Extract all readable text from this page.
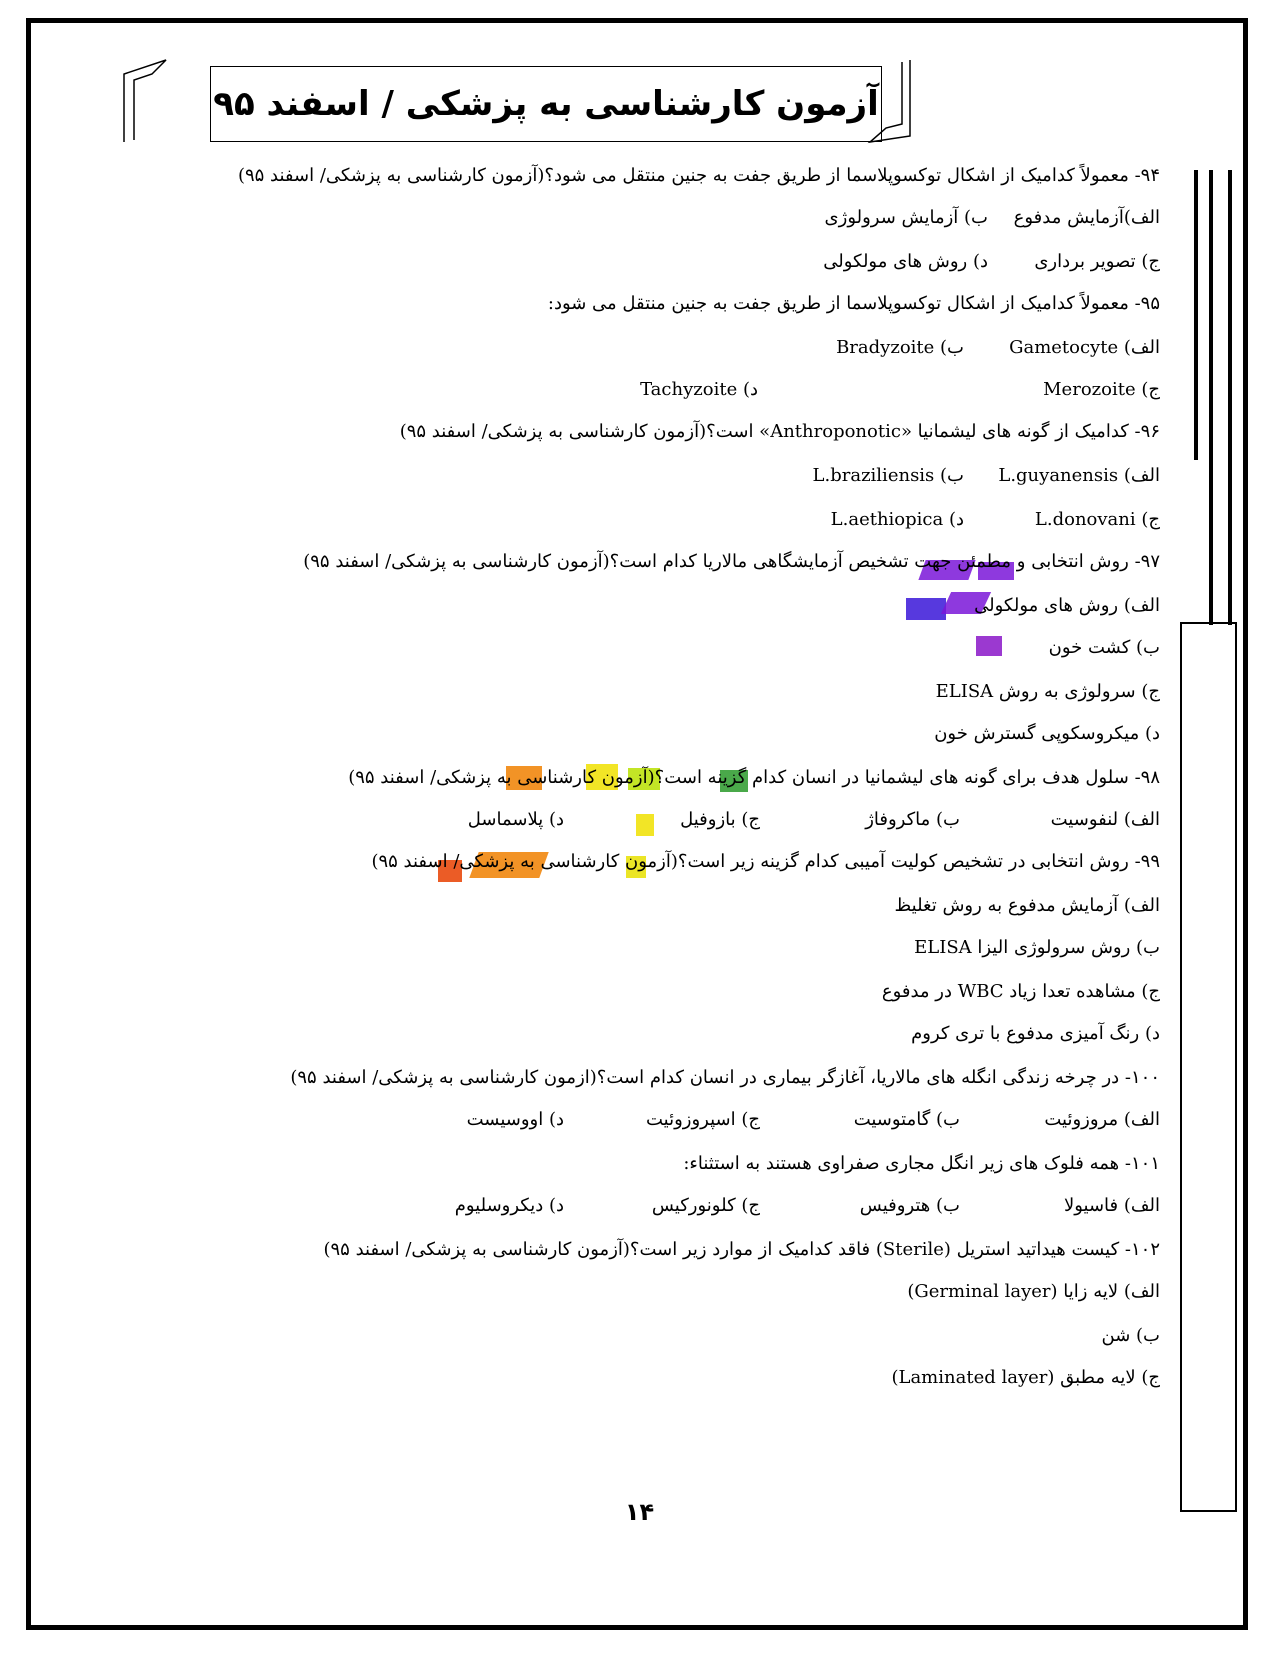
آزمون کارشناسی به پزشکی / اسفند ۹۵
۹۴- معمولاً کدامیک از اشکال توکسوپلاسما از طریق جفت به جنین منتقل می شود؟(آزمون کارشناسی به پزشکی/ اسفند ۹۵)
الف)آزمایش مدفوع
ب) آزمایش سرولوژی
ج) تصویر برداری
د) روش های مولکولی
۹۵- معمولاً کدامیک از اشکال توکسوپلاسما از طریق جفت به جنین منتقل می شود:
الف) Gametocyte
ب) Bradyzoite
ج) Merozoite
د) Tachyzoite
۹۶- کدامیک از گونه های لیشمانیا «Anthroponotic» است؟(آزمون کارشناسی به پزشکی/ اسفند ۹۵)
الف) L.guyanensis
ب) L.braziliensis
ج) L.donovani
د) L.aethiopica
۹۷- روش انتخابی و مطمئن جهت تشخیص آزمایشگاهی مالاریا کدام است؟(آزمون کارشناسی به پزشکی/ اسفند ۹۵)
الف) روش های مولکولی
ب) کشت خون
ج) سرولوژی به روش ELISA
د) میکروسکوپی گسترش خون
۹۸- سلول هدف برای گونه های لیشمانیا در انسان کدام گزینه است؟(آزمون کارشناسی به پزشکی/ اسفند ۹۵)
الف) لنفوسیت
ب) ماکروفاژ
ج) بازوفیل
د) پلاسماسل
۹۹- روش انتخابی در تشخیص کولیت آمیبی کدام گزینه زیر است؟(آزمون کارشناسی به پزشکی/ اسفند ۹۵)
الف) آزمایش مدفوع به روش تغلیظ
ب) روش سرولوژی الیزا ELISA
ج) مشاهده تعدا زیاد WBC در مدفوع
د) رنگ آمیزی مدفوع با تری کروم
۱۰۰- در چرخه زندگی انگله های مالاریا، آغازگر بیماری در انسان کدام است؟(ازمون کارشناسی به پزشکی/ اسفند ۹۵)
الف) مروزوئیت
ب) گامتوسیت
ج) اسپروزوئیت
د) اووسیست
۱۰۱- همه فلوک های زیر انگل مجاری صفراوی هستند به استثناء:
الف) فاسیولا
ب) هتروفیس
ج) کلونورکیس
د) دیکروسلیوم
۱۰۲- کیست هیداتید استریل (Sterile) فاقد کدامیک از موارد زیر است؟(آزمون کارشناسی به پزشکی/ اسفند ۹۵)
الف) لایه زایا (Germinal layer)
ب) شن
ج) لایه مطبق (Laminated layer)
۱۴
